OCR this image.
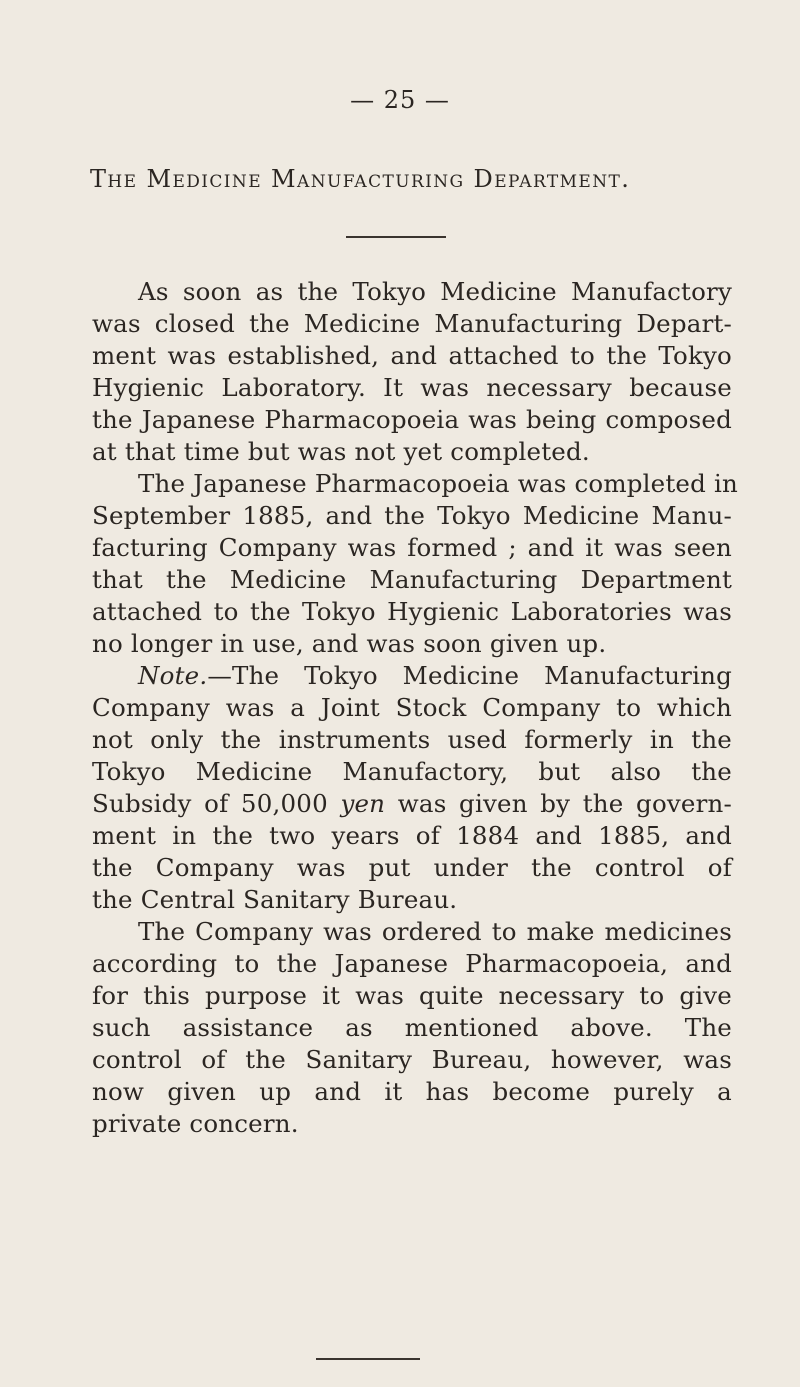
— 25 —
The Medicine Manufacturing Department.
As soon as the Tokyo Medicine Manufactory
was closed the Medicine Manufacturing Depart-
ment was established, and attached to the Tokyo
Hygienic Laboratory. It was necessary because
the Japanese Pharmacopoeia was being composed
at that time but was not yet completed.
The Japanese Pharmacopoeia was completed in
September 1885, and the Tokyo Medicine Manu-
facturing Company was formed ; and it was seen
that the Medicine Manufacturing Department
attached to the Tokyo Hygienic Laboratories was
no longer in use, and was soon given up.
Note.—The Tokyo Medicine Manufacturing
Company was a Joint Stock Company to which
not only the instruments used formerly in the
Tokyo Medicine Manufactory, but also the
Subsidy of 50,000 yen was given by the govern-
ment in the two years of 1884 and 1885, and
the Company was put under the control of
the Central Sanitary Bureau.
The Company was ordered to make medicines
according to the Japanese Pharmacopoeia, and
for this purpose it was quite necessary to give
such assistance as mentioned above. The
control of the Sanitary Bureau, however, was
now given up and it has become purely a
private concern.
